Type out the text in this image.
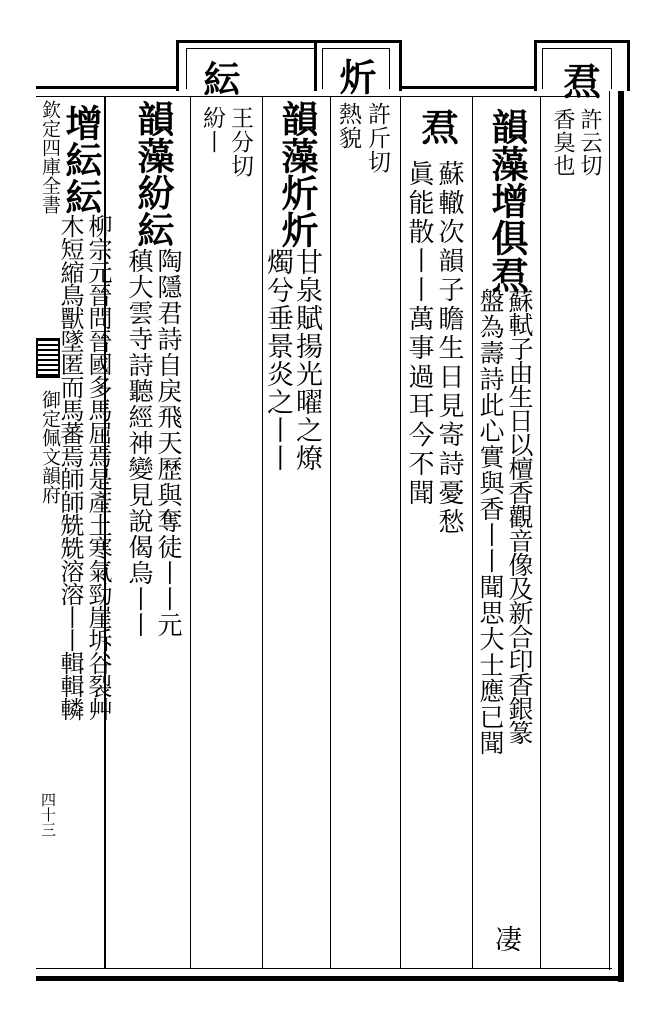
欽定四庫全書
御定佩文韻府
四十三
焄
許云切
香臭也
韻藻增俱焄
蘇軾子由生日以檀香觀音像及新合印香銀篆
盤為壽詩此心實與香丨丨聞思大士應已聞
凄
焄
蘇轍次韻子瞻生日見寄詩憂愁
眞能散丨丨萬事過耳今不聞
炘
許斤切
熱貌
韻藻炘炘
甘泉賦揚光曜之燎
燭兮垂景炎之丨丨
紜
王分切
紛丨
韻藻紛紜
陶隱君詩自戾飛天歷與奪徒丨丨元
稹大雲寺詩聽經神變見說偈烏丨丨
增紜紜
柳宗元晉問晉國多馬屈焉是產土寒氣勁崖坼谷裂艸
木短縮鳥獸墜匿而馬蕃焉師師兟兟溶溶丨丨輯輯轔
